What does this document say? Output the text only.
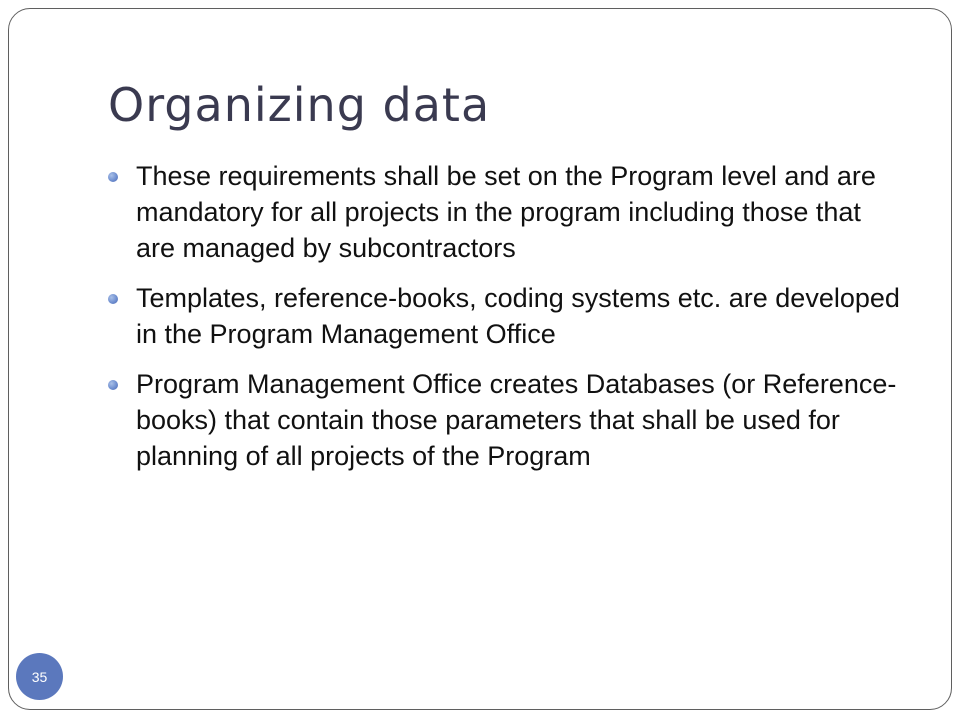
Organizing data
These requirements shall be set on the Program level and are mandatory for all projects in the program including those that are managed by subcontractors
Templates, reference-books, coding systems etc. are developed in the Program Management Office
Program Management Office creates Databases (or Reference-books) that contain those parameters that shall be used for planning of all projects of the Program
35
